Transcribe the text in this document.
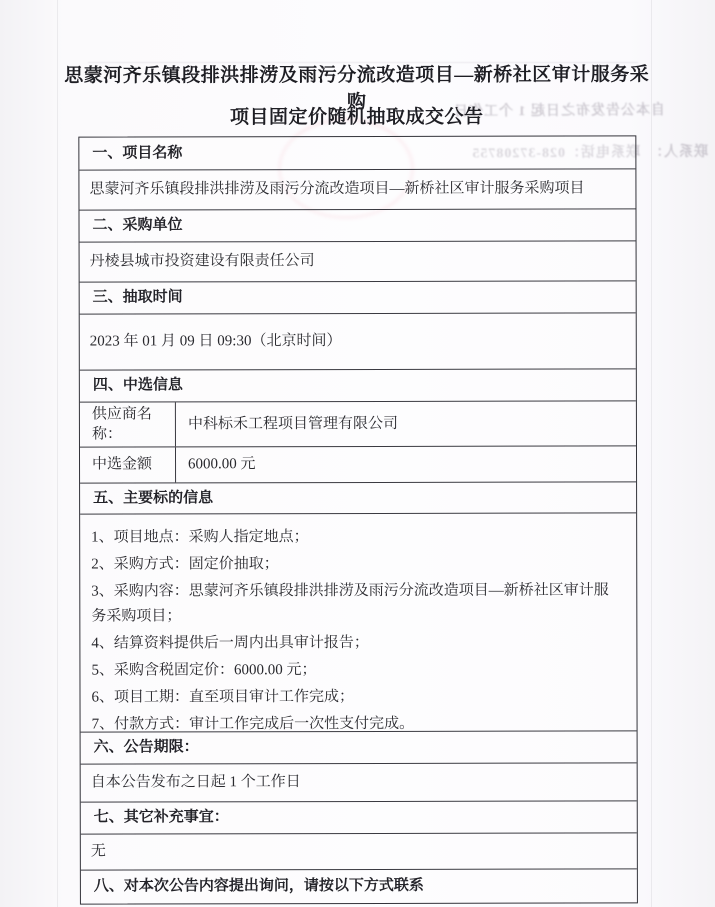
自本公告发布之日起 1 个工作日
联系人：　联系电话：028-37208755
思蒙河齐乐镇段排洪排涝及雨污分流改造项目—新桥社区审计服务采购
项目固定价随机抽取成交公告
一、项目名称
思蒙河齐乐镇段排洪排涝及雨污分流改造项目—新桥社区审计服务采购项目
二、采购单位
丹棱县城市投资建设有限责任公司
三、抽取时间
2023 年 01 月 09 日 09:30（北京时间）
四、中选信息
供应商名称：
中科标禾工程项目管理有限公司
中选金额 6000.00 元
五、主要标的信息

1、项目地点：采购人指定地点；

2、采购方式：固定价抽取；

3、采购内容：思蒙河齐乐镇段排洪排涝及雨污分流改造项目—新桥社区审计服务采购项目；

4、结算资料提供后一周内出具审计报告；

5、采购含税固定价：6000.00 元；

6、项目工期：直至项目审计工作完成；

7、付款方式：审计工作完成后一次性支付完成。

六、公告期限：
自本公告发布之日起 1 个工作日
七、其它补充事宜：
无
八、对本次公告内容提出询问，请按以下方式联系
